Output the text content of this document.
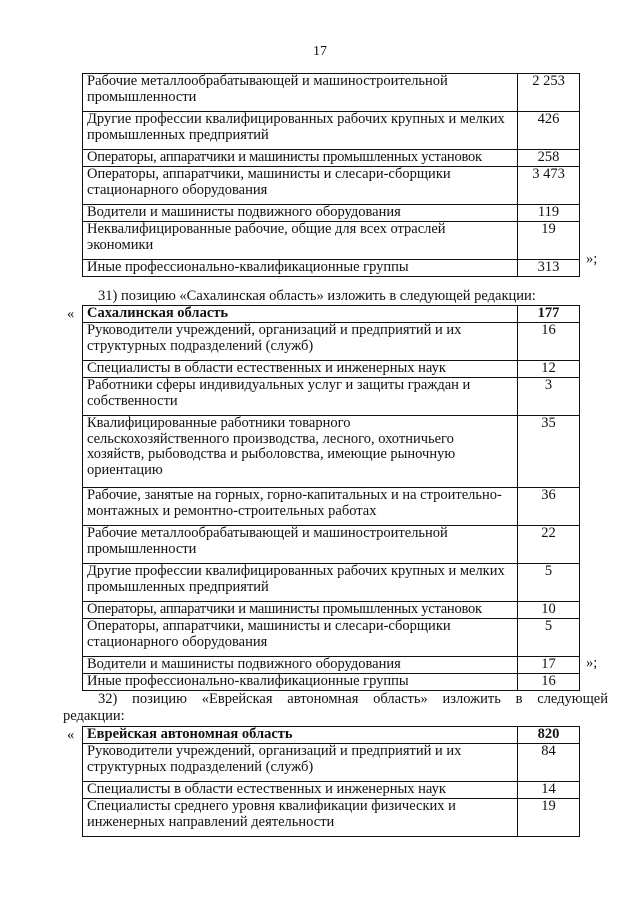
17
Рабочие металлообрабатывающей и машиностроительной промышленности	2 253
Другие профессии квалифицированных рабочих крупных и мелких промышленных предприятий	426
Операторы, аппаратчики и машинисты промышленных установок	258
Операторы, аппаратчики, машинисты и слесари-сборщики стационарного оборудования	3 473
Водители и машинисты подвижного оборудования	119
Неквалифицированные рабочие, общие для всех отраслей экономики	19
Иные профессионально-квалификационные группы	313 »;
31) позицию «Сахалинская область» изложить в следующей редакции:
« Сахалинская область	177
Руководители учреждений, организаций и предприятий и их структурных подразделений (служб)	16
Специалисты в области естественных и инженерных наук	12
Работники сферы индивидуальных услуг и защиты граждан и собственности	3
Квалифицированные работники товарного сельскохозяйственного производства, лесного, охотничьего хозяйств, рыбоводства и рыболовства, имеющие рыночную ориентацию	35
Рабочие, занятые на горных, горно-капитальных и на строительно-монтажных и ремонтно-строительных работах	36
Рабочие металлообрабатывающей и машиностроительной промышленности	22
Другие профессии квалифицированных рабочих крупных и мелких промышленных предприятий	5
Операторы, аппаратчики и машинисты промышленных установок	10
Операторы, аппаратчики, машинисты и слесари-сборщики стационарного оборудования	5
Водители и машинисты подвижного оборудования	17
Иные профессионально-квалификационные группы	16
»;
32) позицию «Еврейская автономная область» изложить в следующей
редакции:
« Еврейская автономная область	820
Руководители учреждений, организаций и предприятий и их структурных подразделений (служб)	84
Специалисты в области естественных и инженерных наук	14
Специалисты среднего уровня квалификации физических и инженерных направлений деятельности	19
